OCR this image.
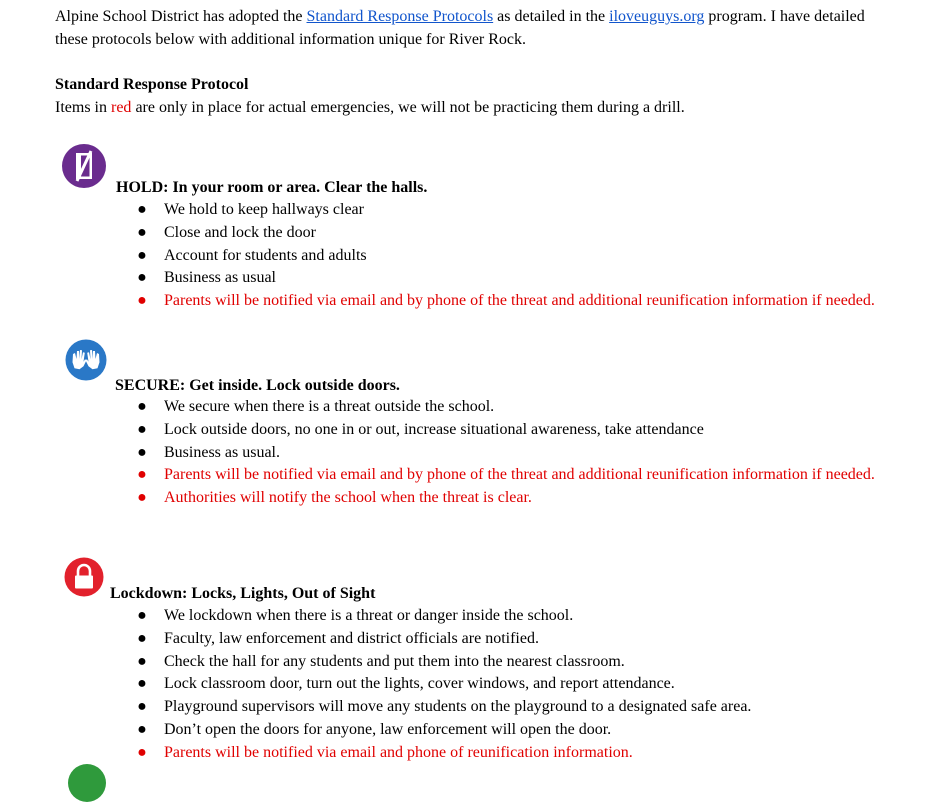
Alpine School District has adopted the Standard Response Protocols as detailed in the iloveuguys.org program. I have detailed these protocols below with additional information unique for River Rock.

Standard Response Protocol
Items in red are only in place for actual emergencies, we will not be practicing them during a drill.
HOLD: In your room or area. Clear the halls.
● We hold to keep hallways clear
● Close and lock the door
● Account for students and adults
● Business as usual
● Parents will be notified via email and by phone of the threat and additional reunification information if needed.
SECURE: Get inside. Lock outside doors.
● We secure when there is a threat outside the school.
● Lock outside doors, no one in or out, increase situational awareness, take attendance
● Business as usual.
● Parents will be notified via email and by phone of the threat and additional reunification information if needed.
● Authorities will notify the school when the threat is clear.
Lockdown: Locks, Lights, Out of Sight
● We lockdown when there is a threat or danger inside the school.
● Faculty, law enforcement and district officials are notified.
● Check the hall for any students and put them into the nearest classroom.
● Lock classroom door, turn out the lights, cover windows, and report attendance.
● Playground supervisors will move any students on the playground to a designated safe area.
● Don’t open the doors for anyone, law enforcement will open the door.
● Parents will be notified via email and phone of reunification information.
